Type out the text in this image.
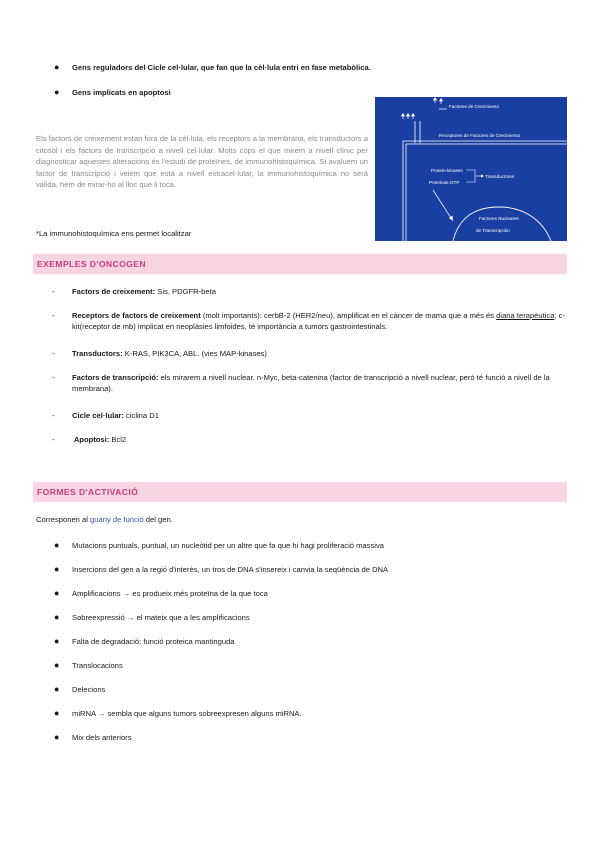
● Gens reguladors del Cicle cel·lular, que fan que la cèl·lula entri en fase metabòlica.
● Gens implicats en apoptosi
Els factors de creixement estan fora de la cèl·lula, els receptors a la membrana, els transductors a citosol i els factors de transcripció a nivell cel·lular. Molts cops el que mirem a nivell clínic per diagnosticar aquestes alteracions és l'estudi de proteïnes, de immunohistoquímica. Si avaluem un factor de transcripció i veiem que està a nivell extracel·lular, la immunohistoquímica no serà valida, hem de mirar-ho al lloc que li toca.
*La immunohistoquímica ens permet localitzar
Factores de Crecimiento
Receptores de Factores de Crecimiento
Protein-kinases
Proteinas-GTP
Transductores
Factores Nucleares
de Transcripción
EXEMPLES D'ONCOGEN
- Factors de creixement: Sis, PDGFR-beta
- Receptors de factors de creixement (molt importants): cerbB-2 (HER2/neu), amplificat en el càncer de mama que a més és diana terapèutica; c-kit(receptor de mb) implicat en neoplàsies limfoides, té importància a tumors gastrointestinals.
- Transductors: K-RAS, PIK3CA, ABL. (vies MAP-kinases)
- Factors de transcripció: els mirarem a nivell nuclear. n-Myc, beta-catenina (factor de transcripció a nivell nuclear, però té funció a nivell de la membrana).
- Cicle cel·lular: ciclina D1
- Apoptosi: Bcl2
FORMES D'ACTIVACIÓ
Corresponen al guany de funció del gen.
● Mutacions puntuals, puntual, un nucleòtid per un altre que fa que hi hagi proliferació massiva
● Insercions del gen a la regió d'interès, un tros de DNA s'insereix i canvia la seqüència de DNA
● Amplificacions → es produeix més proteïna de la que toca
● Sobreexpressió → el mateix que a les amplificacions
● Falta de degradació: funció proteica mantinguda
● Translocacions
● Delecions
● miRNA → sembla que alguns tumors sobreexpresen alguns miRNA.
● Mix dels anteriors
